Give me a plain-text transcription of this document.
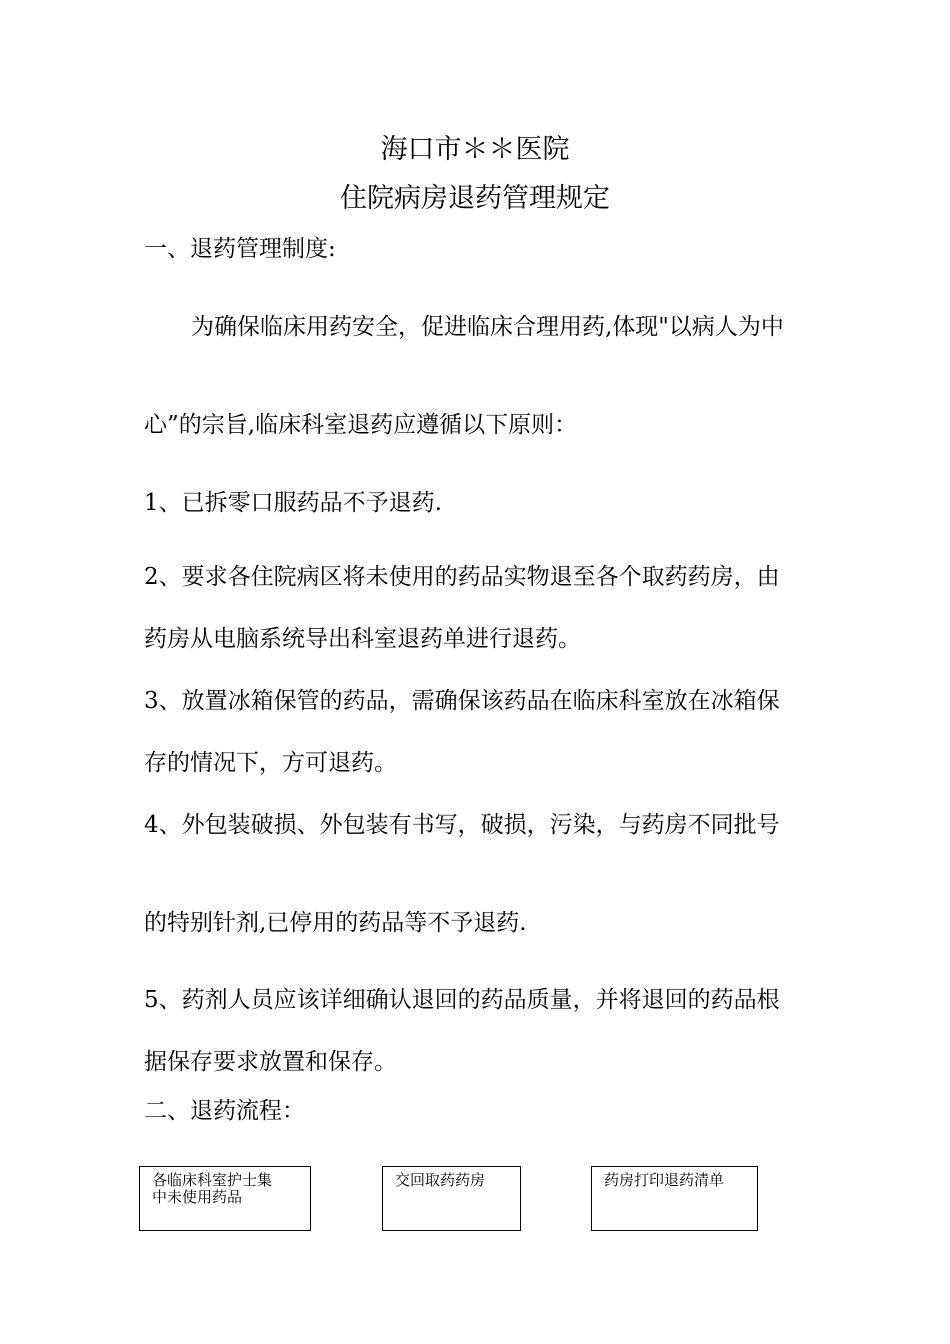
海口市＊＊医院
住院病房退药管理规定
一、退药管理制度:
为确保临床用药安全，促进临床合理用药,体现"以病人为中
心”的宗旨,临床科室退药应遵循以下原则：
1、已拆零口服药品不予退药.
2、要求各住院病区将未使用的药品实物退至各个取药药房，由
药房从电脑系统导出科室退药单进行退药。
3、放置冰箱保管的药品，需确保该药品在临床科室放在冰箱保
存的情况下，方可退药。
4、外包装破损、外包装有书写，破损，污染，与药房不同批号
的特别针剂,已停用的药品等不予退药.
5、药剂人员应该详细确认退回的药品质量，并将退回的药品根
据保存要求放置和保存。
二、退药流程：
各临床科室护士集
中未使用药品
交回取药药房	药房打印退药清单
